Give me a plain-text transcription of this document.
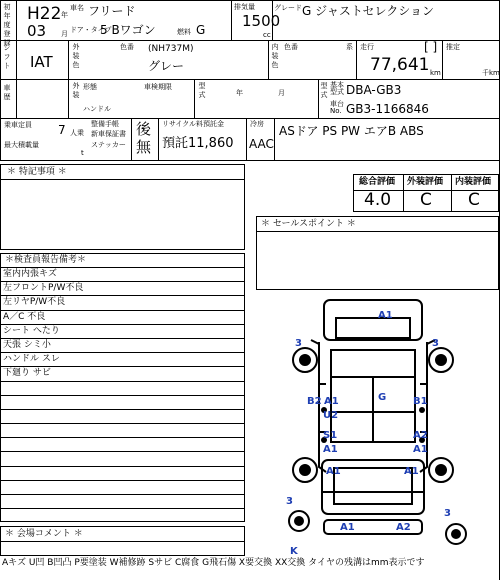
初年度登録 H22 年
03 月
車名 フリード
ドア・タイプ
5 Bワゴン	燃料 G
排気量
1500
cc
グレード G ジャストセレクション
シフト IAT	外装色	色番 (NH737M)
グレー	内装色 色番	系 走行	[ ]
77,641 km
推定
千km
車歴	外装 形態
ハンドル
車検期限
年	月
型式	型式 基本型式 DBA-GB3
車台No. GB3-1166846
乗車定員 7 人乗
最大積載量
t
整備手帳
新車保証書
ステッカー
後
無
リサイクル料預託金
預託11,860
冷房
AAC
ASドア PS PW エアB ABS
＊ 特記事項 ＊
総合評価 外装評価 内装評価
4.0 C C
＊ セールスポイント ＊
＊検査員報告備考＊
室内内張キズ
左フロントP/W不良
左リヤP/W不良
A／C 不良
シート へたり
天張 シミ小
ハンドル スレ
下廻り サビ
＊ 会場コメント ＊
Aキズ U凹 B凹凸 P要塗装 W補修跡 Sサビ C腐食 G飛石傷 X要交換 XX交換 タイヤの残溝はmm表示です
A1
3	3
B2 A1
U2
G	B1
S1
A1
A2
A1	A1
A1
3
3
A1	A2
K
